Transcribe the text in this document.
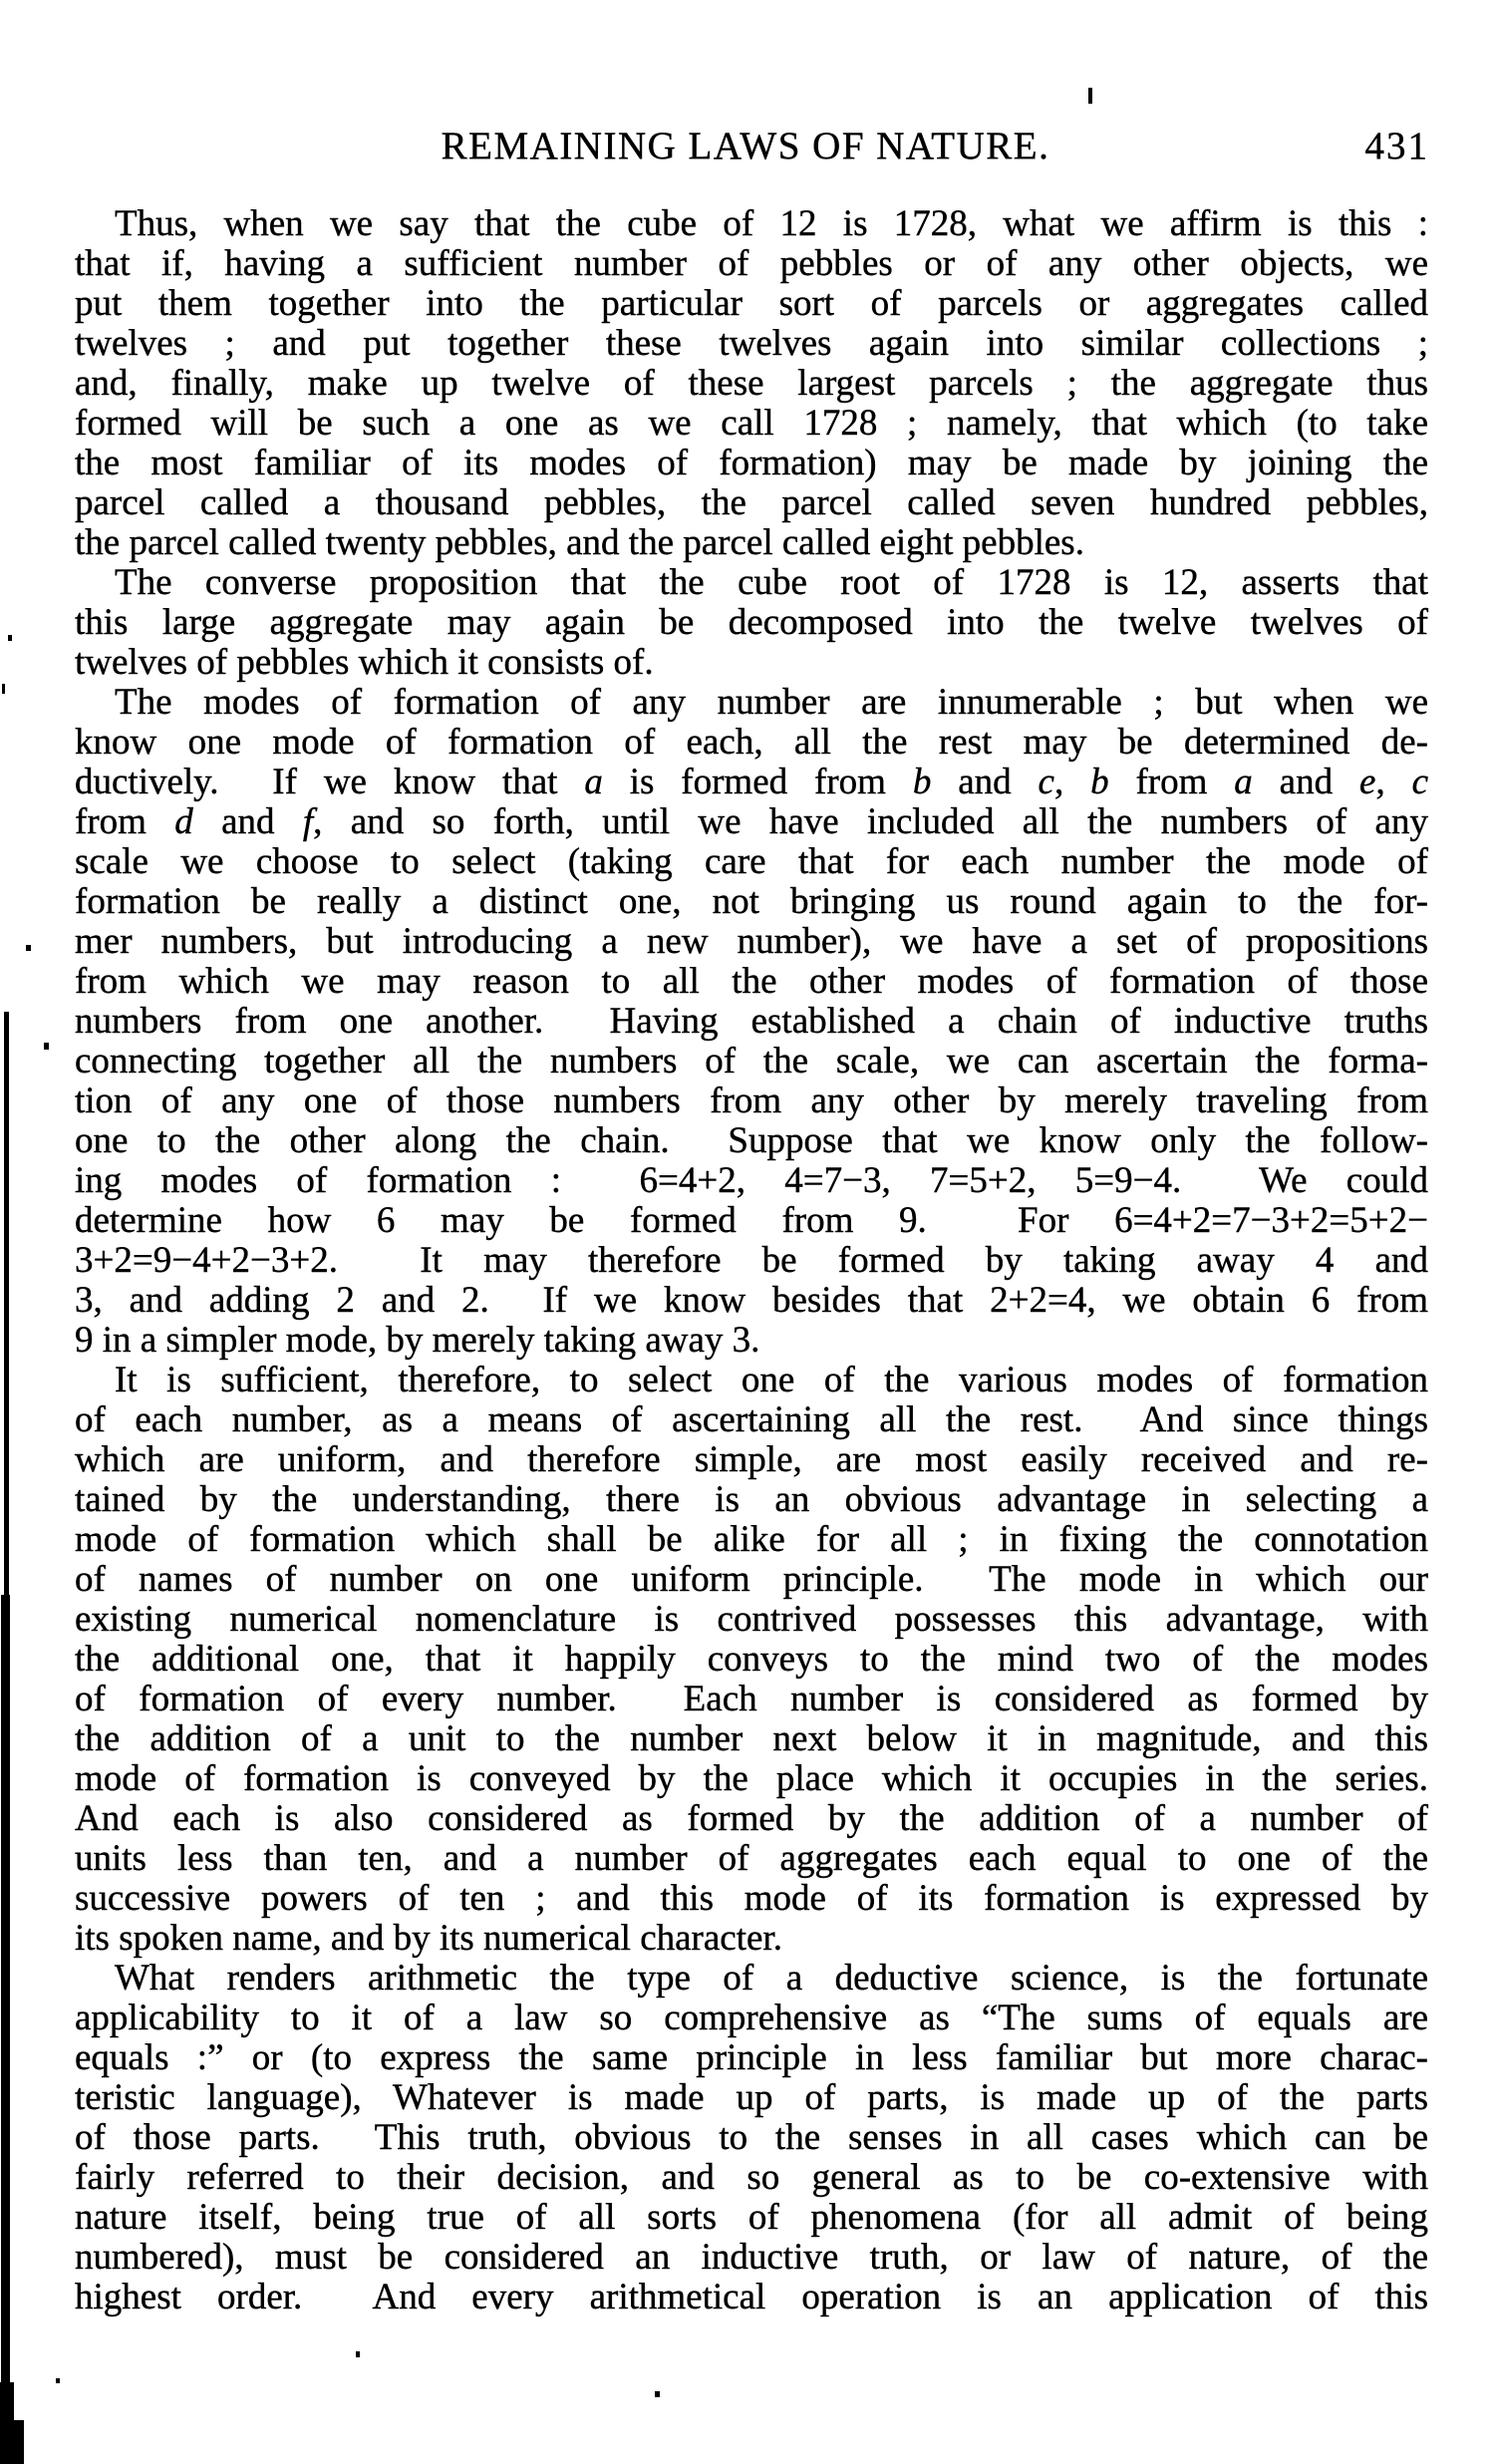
REMAINING LAWS OF NATURE.	431
Thus, when we say that the cube of 12 is 1728, what we affirm is this :
that if, having a sufficient number of pebbles or of any other objects, we
put them together into the particular sort of parcels or aggregates called
twelves ; and put together these twelves again into similar collections ;
and, finally, make up twelve of these largest parcels ; the aggregate thus
formed will be such a one as we call 1728 ; namely, that which (to take
the most familiar of its modes of formation) may be made by joining the
parcel called a thousand pebbles, the parcel called seven hundred pebbles,
the parcel called twenty pebbles, and the parcel called eight pebbles.
The converse proposition that the cube root of 1728 is 12, asserts that
this large aggregate may again be decomposed into the twelve twelves of
twelves of pebbles which it consists of.
The modes of formation of any number are innumerable ; but when we
know one mode of formation of each, all the rest may be determined de-
ductively.  If we know that a is formed from b and c, b from a and e, c
from d and f, and so forth, until we have included all the numbers of any
scale we choose to select (taking care that for each number the mode of
formation be really a distinct one, not bringing us round again to the for-
mer numbers, but introducing a new number), we have a set of propositions
from which we may reason to all the other modes of formation of those
numbers from one another.  Having established a chain of inductive truths
connecting together all the numbers of the scale, we can ascertain the forma-
tion of any one of those numbers from any other by merely traveling from
one to the other along the chain.  Suppose that we know only the follow-
ing modes of formation :  6=4+2, 4=7−3, 7=5+2, 5=9−4.  We could
determine how 6 may be formed from 9.  For 6=4+2=7−3+2=5+2−
3+2=9−4+2−3+2.  It may therefore be formed by taking away 4 and
3, and adding 2 and 2.  If we know besides that 2+2=4, we obtain 6 from
9 in a simpler mode, by merely taking away 3.
It is sufficient, therefore, to select one of the various modes of formation
of each number, as a means of ascertaining all the rest.  And since things
which are uniform, and therefore simple, are most easily received and re-
tained by the understanding, there is an obvious advantage in selecting a
mode of formation which shall be alike for all ; in fixing the connotation
of names of number on one uniform principle.  The mode in which our
existing numerical nomenclature is contrived possesses this advantage, with
the additional one, that it happily conveys to the mind two of the modes
of formation of every number.  Each number is considered as formed by
the addition of a unit to the number next below it in magnitude, and this
mode of formation is conveyed by the place which it occupies in the series.
And each is also considered as formed by the addition of a number of
units less than ten, and a number of aggregates each equal to one of the
successive powers of ten ; and this mode of its formation is expressed by
its spoken name, and by its numerical character.
What renders arithmetic the type of a deductive science, is the fortunate
applicability to it of a law so comprehensive as “The sums of equals are
equals :” or (to express the same principle in less familiar but more charac-
teristic language), Whatever is made up of parts, is made up of the parts
of those parts.  This truth, obvious to the senses in all cases which can be
fairly referred to their decision, and so general as to be co-extensive with
nature itself, being true of all sorts of phenomena (for all admit of being
numbered), must be considered an inductive truth, or law of nature, of the
highest order.  And every arithmetical operation is an application of this
